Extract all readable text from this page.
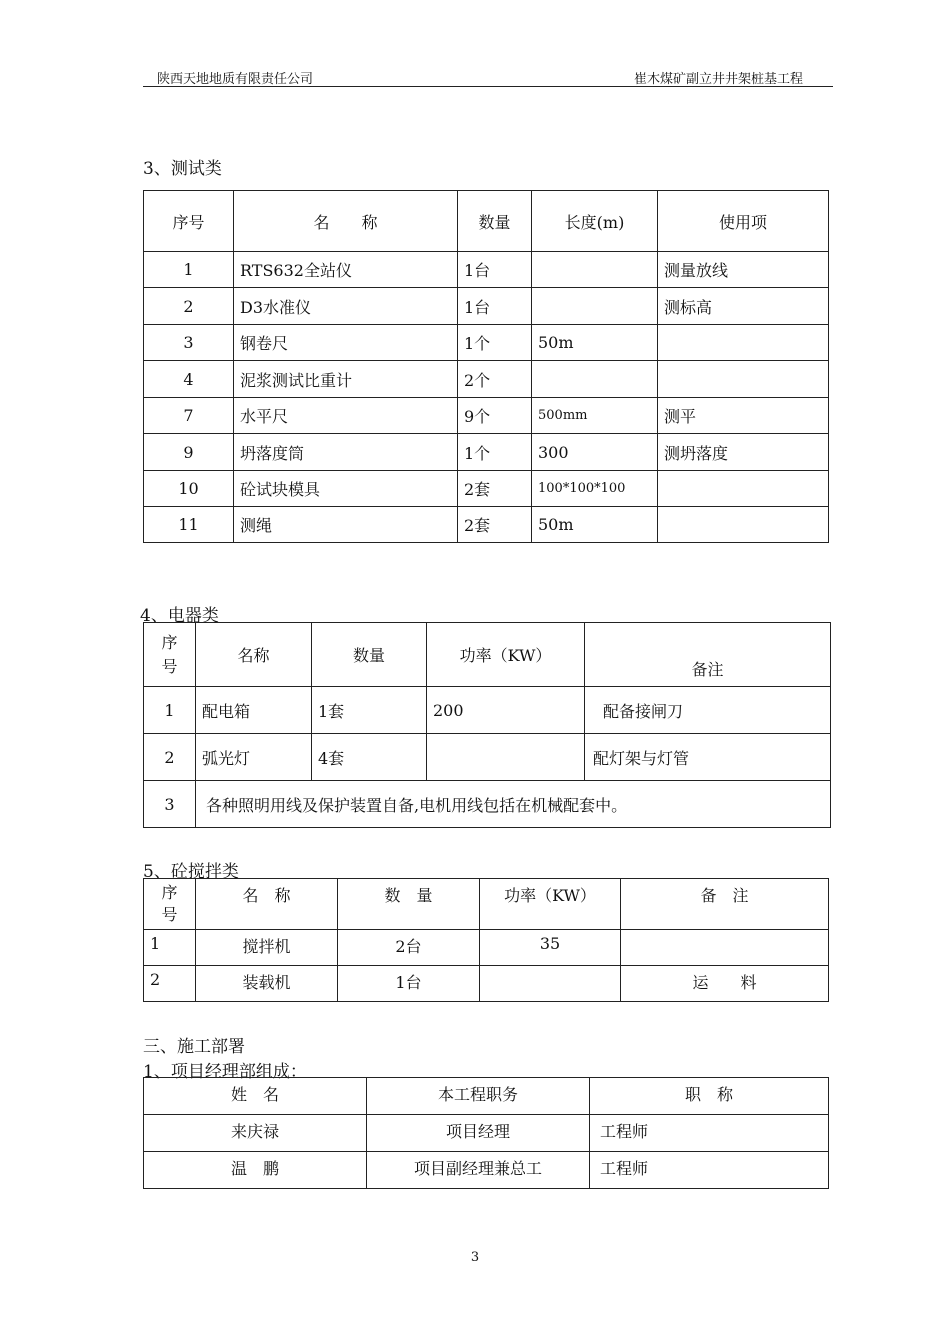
陕西天地地质有限责任公司	崔木煤矿副立井井架桩基工程
3、测试类
序号	名　　称	数量	长度(m)	使用项
1	RTS632全站仪	1台		测量放线
2	D3水准仪	1台		测标高
3	钢卷尺	1个	50m	
4	泥浆测试比重计	2个		
7	水平尺	9个	500mm	测平
9	坍落度筒	1个	300	测坍落度
10	砼试块模具	2套	100*100*100	
11	测绳	2套	50m	
4、电器类
序号	名称	数量	功率（KW）	备注
1	配电箱	1套	200	配备接闸刀
2	弧光灯	4套		配灯架与灯管
3	各种照明用线及保护装置自备,电机用线包括在机械配套中。			
5、砼搅拌类
序号	名　称	数　量	功率（KW）	备　注
1	搅拌机	2台	35	
2	装载机	1台		运　　料
三、施工部署
1、项目经理部组成：
姓　名	本工程职务	职　称
来庆禄	项目经理	工程师
温　鹏	项目副经理兼总工	工程师
3
